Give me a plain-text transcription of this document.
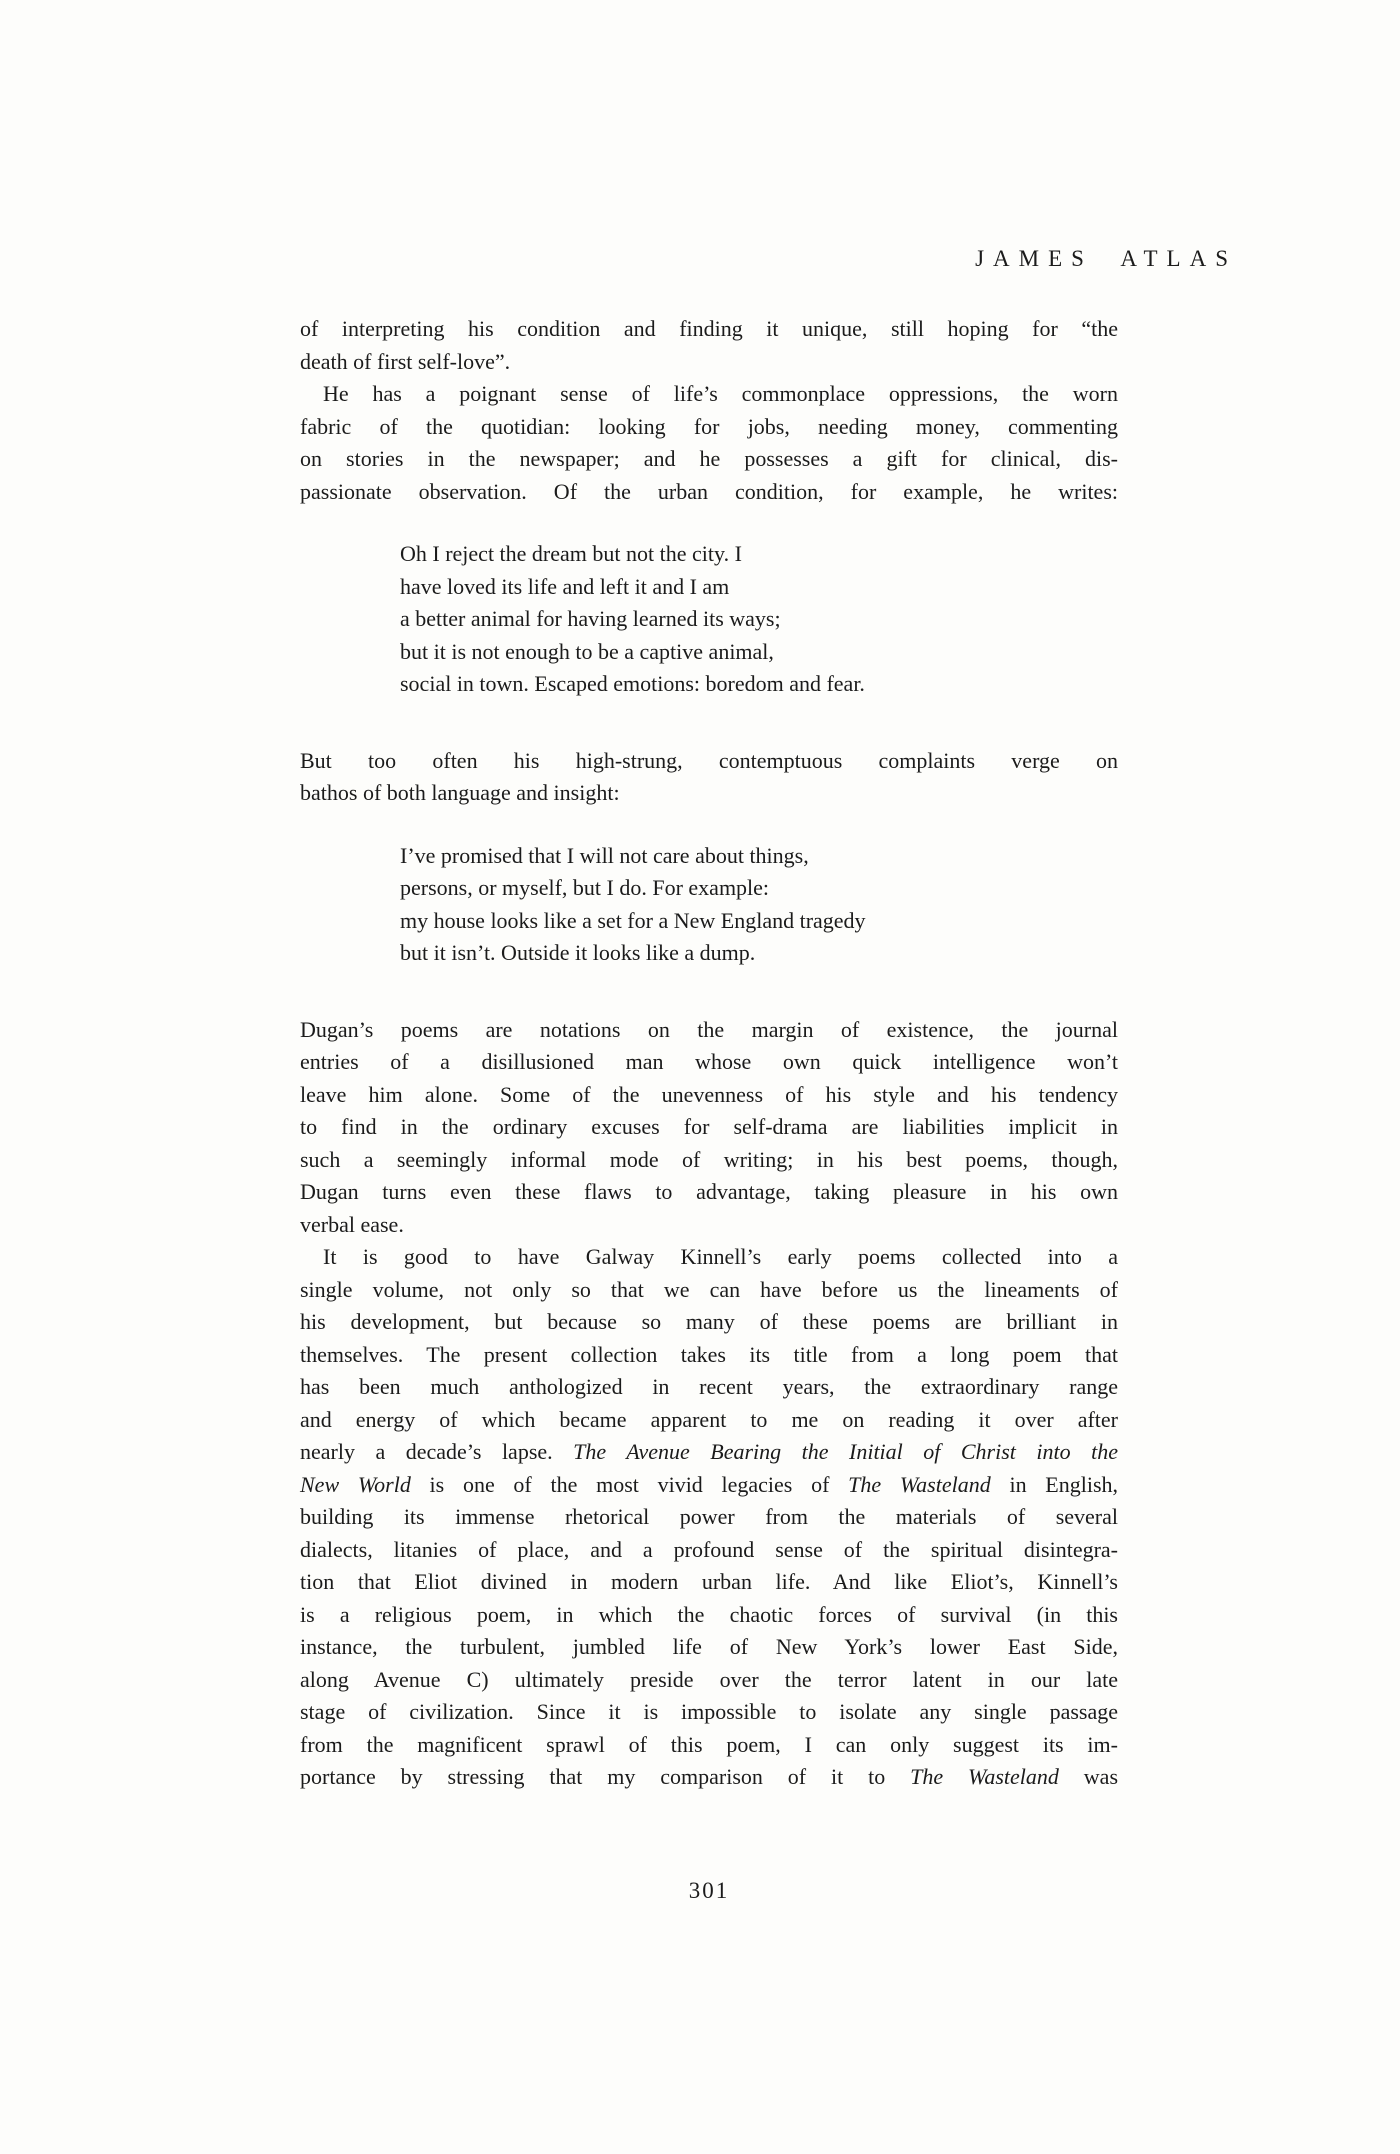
JAMES ATLAS
of interpreting his condition and finding it unique, still hoping for “the
death of first self-love”.
He has a poignant sense of life’s commonplace oppressions, the worn
fabric of the quotidian: looking for jobs, needing money, commenting
on stories in the newspaper; and he possesses a gift for clinical, dis-
passionate observation. Of the urban condition, for example, he writes:
Oh I reject the dream but not the city. I
have loved its life and left it and I am
a better animal for having learned its ways;
but it is not enough to be a captive animal,
social in town. Escaped emotions: boredom and fear.
But too often his high-strung, contemptuous complaints verge on
bathos of both language and insight:
I’ve promised that I will not care about things,
persons, or myself, but I do. For example:
my house looks like a set for a New England tragedy
but it isn’t. Outside it looks like a dump.
Dugan’s poems are notations on the margin of existence, the journal
entries of a disillusioned man whose own quick intelligence won’t
leave him alone. Some of the unevenness of his style and his tendency
to find in the ordinary excuses for self-drama are liabilities implicit in
such a seemingly informal mode of writing; in his best poems, though,
Dugan turns even these flaws to advantage, taking pleasure in his own
verbal ease.
It is good to have Galway Kinnell’s early poems collected into a
single volume, not only so that we can have before us the lineaments of
his development, but because so many of these poems are brilliant in
themselves. The present collection takes its title from a long poem that
has been much anthologized in recent years, the extraordinary range
and energy of which became apparent to me on reading it over after
nearly a decade’s lapse. The Avenue Bearing the Initial of Christ into the
New World is one of the most vivid legacies of The Wasteland in English,
building its immense rhetorical power from the materials of several
dialects, litanies of place, and a profound sense of the spiritual disintegra-
tion that Eliot divined in modern urban life. And like Eliot’s, Kinnell’s
is a religious poem, in which the chaotic forces of survival (in this
instance, the turbulent, jumbled life of New York’s lower East Side,
along Avenue C) ultimately preside over the terror latent in our late
stage of civilization. Since it is impossible to isolate any single passage
from the magnificent sprawl of this poem, I can only suggest its im-
portance by stressing that my comparison of it to The Wasteland was
301
